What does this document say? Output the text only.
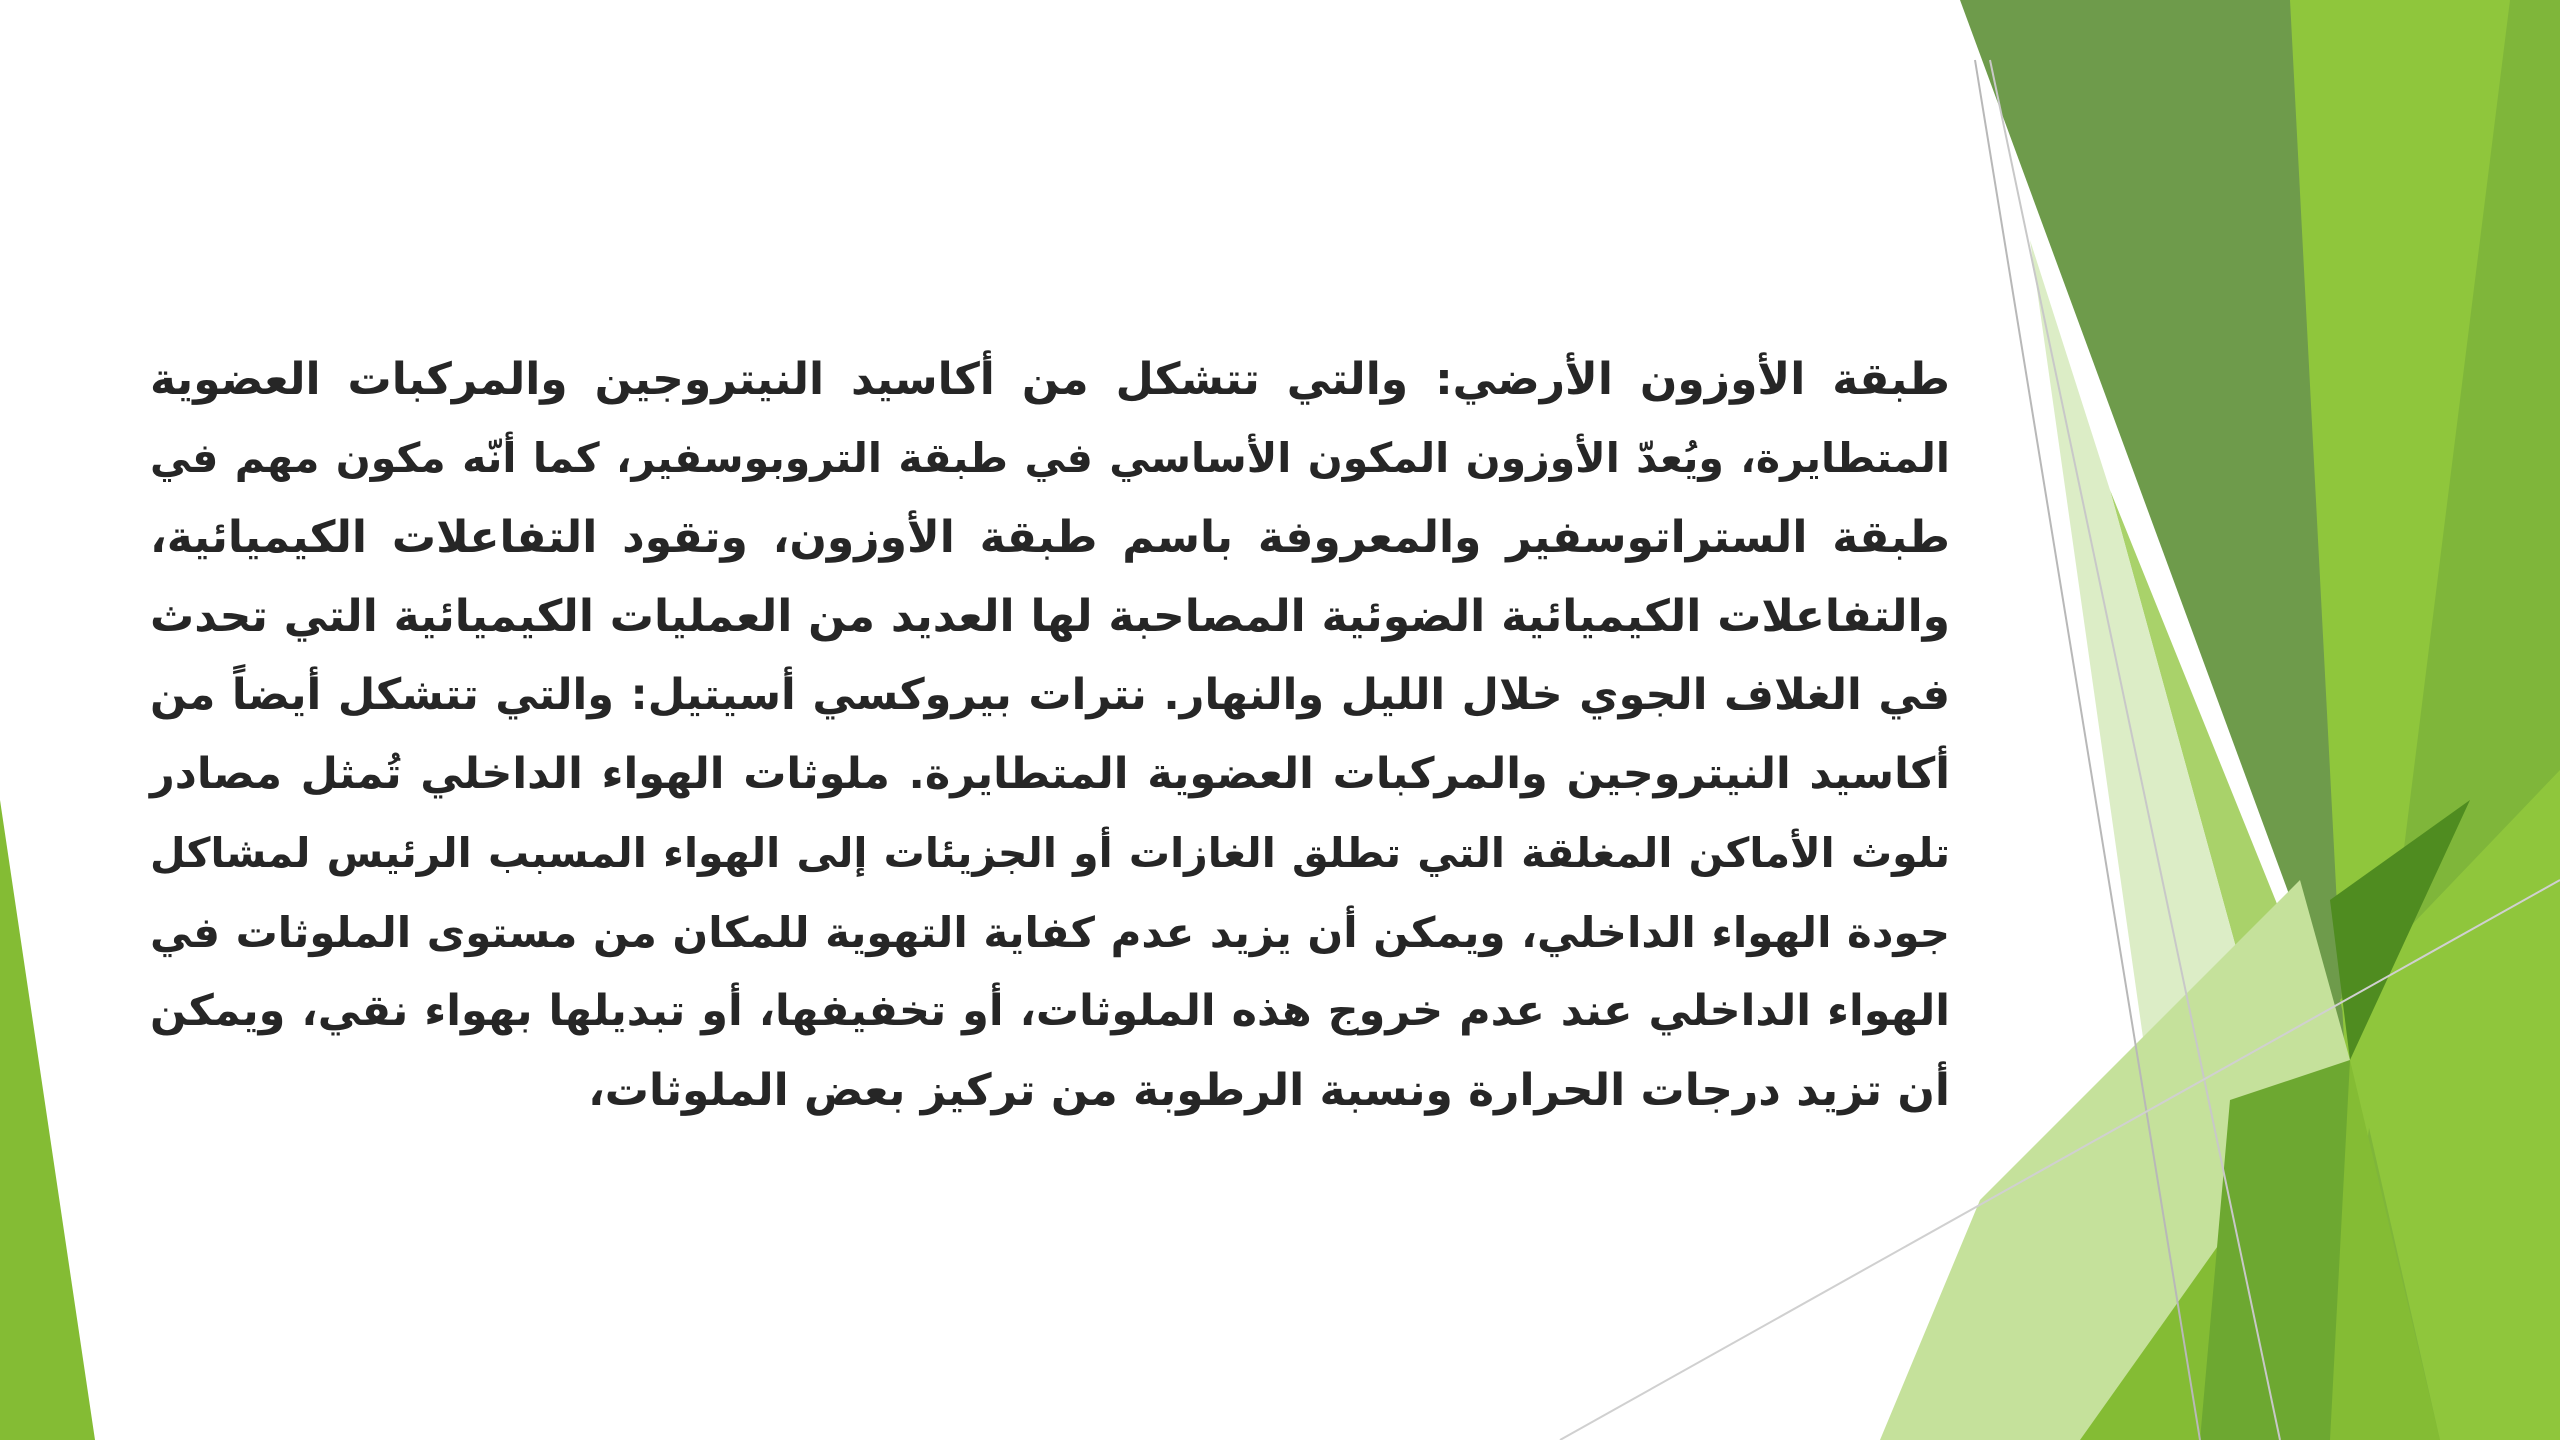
طبقة الأوزون الأرضي: والتي تتشكل من أكاسيد النيتروجين والمركبات العضوية
المتطايرة، ويُعدّ الأوزون المكون الأساسي في طبقة التروبوسفير، كما أنّه مكون مهم في
طبقة الستراتوسفير والمعروفة باسم طبقة الأوزون، وتقود التفاعلات الكيميائية،
والتفاعلات الكيميائية الضوئية المصاحبة لها العديد من العمليات الكيميائية التي تحدث
في الغلاف الجوي خلال الليل والنهار. نترات بيروكسي أسيتيل: والتي تتشكل أيضاً من
أكاسيد النيتروجين والمركبات العضوية المتطايرة. ملوثات الهواء الداخلي تُمثل مصادر
تلوث الأماكن المغلقة التي تطلق الغازات أو الجزيئات إلى الهواء المسبب الرئيس لمشاكل
جودة الهواء الداخلي، ويمكن أن يزيد عدم كفاية التهوية للمكان من مستوى الملوثات في
الهواء الداخلي عند عدم خروج هذه الملوثات، أو تخفيفها، أو تبديلها بهواء نقي، ويمكن
أن تزيد درجات الحرارة ونسبة الرطوبة من تركيز بعض الملوثات،
